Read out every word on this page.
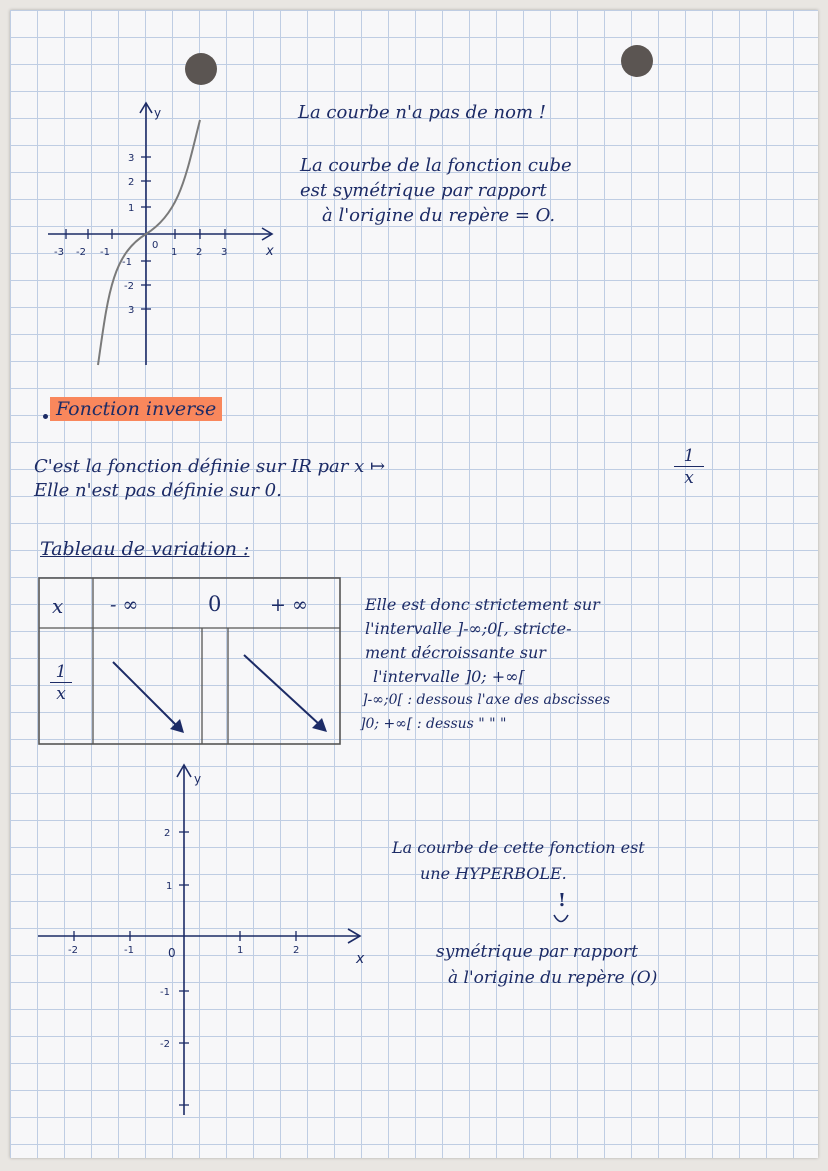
-3 -2 -1
0
1 2 3	x
y
3
2
1
-1
-2
3
La courbe n'a pas de nom !
La courbe de la fonction cube
est symétrique par rapport
à l'origine du repère = O.
Fonction inverse
C'est la fonction définie sur IR par x ↦	$\frac{1}{x}$
Elle n'est pas définie sur 0.
Tableau de variation :
x - ∞	0	+ ∞
$\frac{1}{x}$
Elle est donc strictement sur
l'intervalle ]-∞;0[, stricte-
ment décroissante sur
l'intervalle ]0; +∞[
]-∞;0[ : dessous l'axe des abscisses
]0; +∞[ : dessus " " "
-2	-1	0	1	2
x
y
2
1
-1
-2
La courbe de cette fonction est
une HYPERBOLE.
!
symétrique par rapport
à l'origine du repère (O)
